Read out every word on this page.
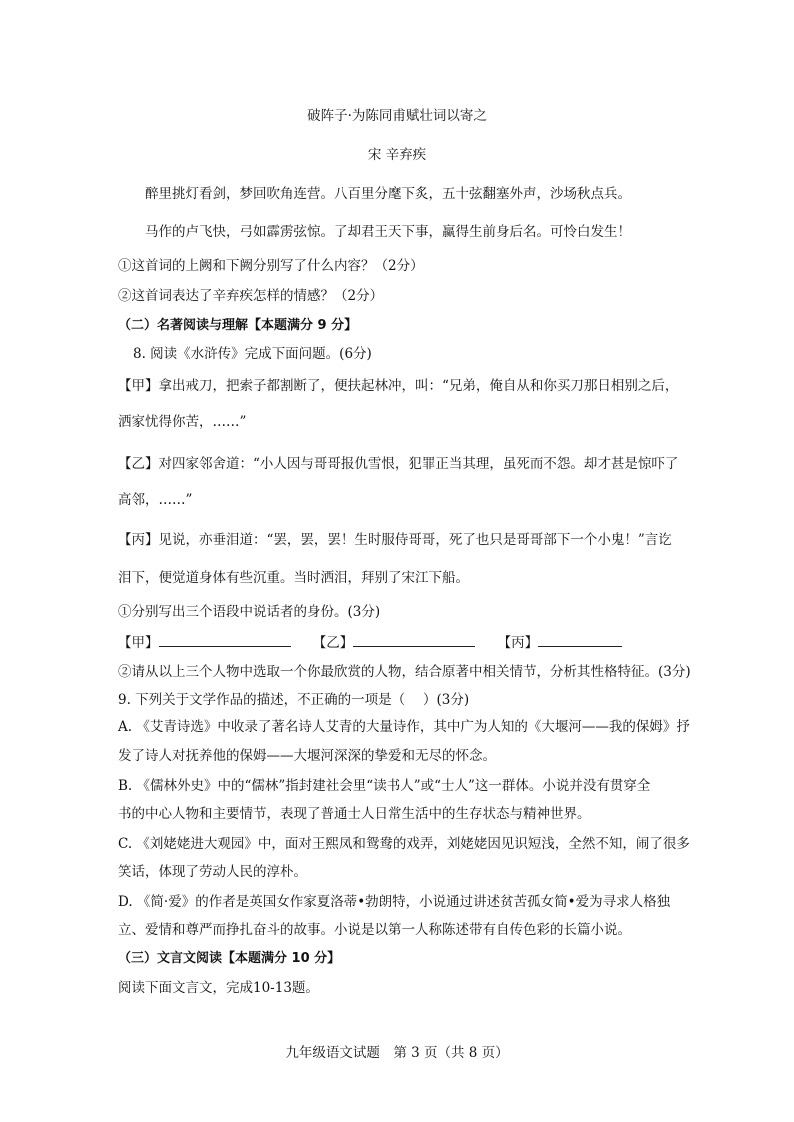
破阵子·为陈同甫赋壮词以寄之
宋 辛弃疾
醉里挑灯看剑，梦回吹角连营。八百里分麾下炙，五十弦翻塞外声，沙场秋点兵。
马作的卢飞快，弓如霹雳弦惊。了却君王天下事，赢得生前身后名。可怜白发生！
①这首词的上阙和下阙分别写了什么内容？（2分）
②这首词表达了辛弃疾怎样的情感？（2分）
（二）名著阅读与理解【本题满分 9 分】
8. 阅读《水浒传》完成下面问题。(6分)
【甲】拿出戒刀，把索子都割断了，便扶起林冲，叫：“兄弟，俺自从和你买刀那日相别之后，
洒家忧得你苦，……”
【乙】对四家邻舍道：“小人因与哥哥报仇雪恨，犯罪正当其理，虽死而不怨。却才甚是惊吓了
高邻，……”
【丙】见说，亦垂泪道：“罢，罢，罢！生时服侍哥哥，死了也只是哥哥部下一个小鬼！”言讫
泪下，便觉道身体有些沉重。当时洒泪，拜别了宋江下船。
①分别写出三个语段中说话者的身份。(3分)
【甲】	【乙】	【丙】
②请从以上三个人物中选取一个你最欣赏的人物，结合原著中相关情节，分析其性格特征。(3分)
9. 下列关于文学作品的描述，不正确的一项是（　 ）(3分)
A. 《艾青诗选》中收录了著名诗人艾青的大量诗作，其中广为人知的《大堰河——我的保姆》抒
发了诗人对抚养他的保姆——大堰河深深的挚爱和无尽的怀念。
B. 《儒林外史》中的“儒林”指封建社会里“读书人”或“士人”这一群体。小说并没有贯穿全
书的中心人物和主要情节，表现了普通士人日常生活中的生存状态与精神世界。
C. 《刘姥姥进大观园》中，面对王熙凤和鸳鸯的戏弄，刘姥姥因见识短浅，全然不知，闹了很多
笑话，体现了劳动人民的淳朴。
D. 《简·爱》的作者是英国女作家夏洛蒂•勃朗特，小说通过讲述贫苦孤女简•爱为寻求人格独
立、爱情和尊严而挣扎奋斗的故事。小说是以第一人称陈述带有自传色彩的长篇小说。
（三）文言文阅读【本题满分 10 分】
阅读下面文言文，完成10-13题。
九年级语文试题　第 3 页（共 8 页）
